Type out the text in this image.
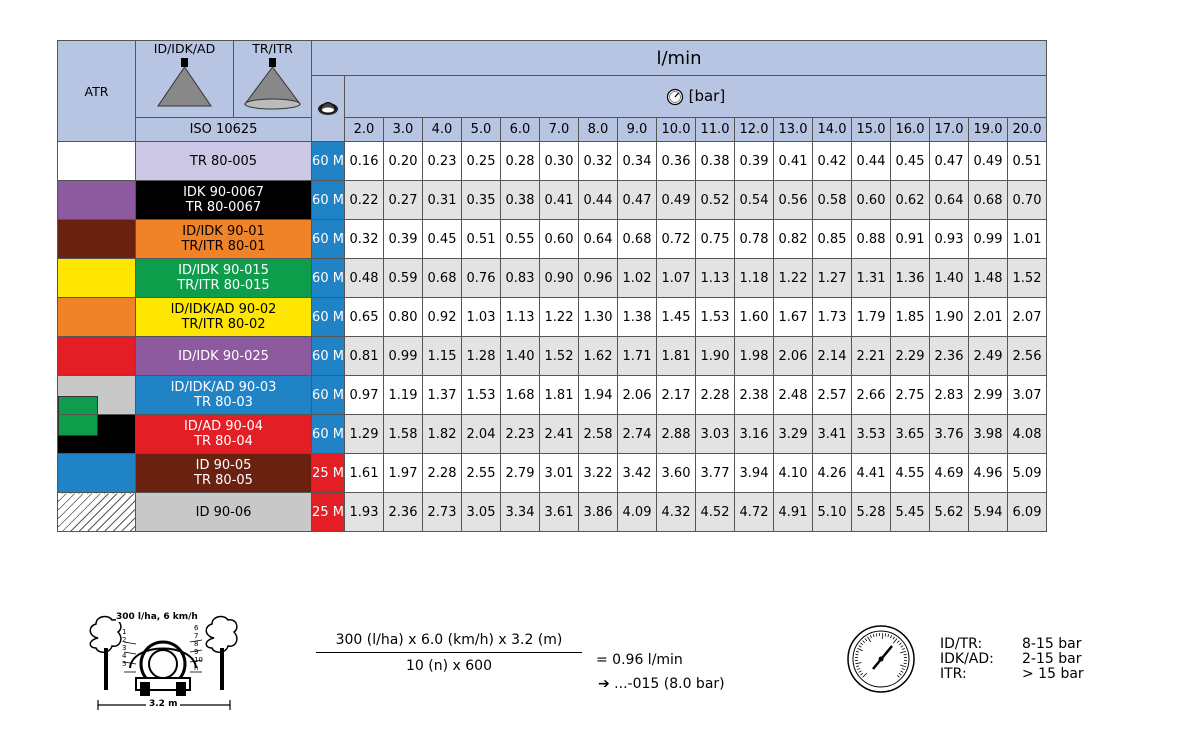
ATR	ID/IDK/AD	TR/ITR	l/min																		
	[bar]																	
	ISO 10625			2.0	3.0	4.0	5.0	6.0	7.0	8.0	9.0	10.0	11.0	12.0	13.0	14.0	15.0	16.0	17.0	19.0	20.0

	TR 80-005		60 M	0.16	0.20	0.23	0.25	0.28	0.30	0.32	0.34	0.36	0.38	0.39	0.41	0.42	0.44	0.45	0.47	0.49	0.51

	IDK 90-0067
TR 80-0067		60 M	0.22	0.27	0.31	0.35	0.38	0.41	0.44	0.47	0.49	0.52	0.54	0.56	0.58	0.60	0.62	0.64	0.68	0.70

	ID/IDK 90-01
TR/ITR 80-01		60 M	0.32	0.39	0.45	0.51	0.55	0.60	0.64	0.68	0.72	0.75	0.78	0.82	0.85	0.88	0.91	0.93	0.99	1.01

	ID/IDK 90-015
TR/ITR 80-015		60 M	0.48	0.59	0.68	0.76	0.83	0.90	0.96	1.02	1.07	1.13	1.18	1.22	1.27	1.31	1.36	1.40	1.48	1.52

	ID/IDK/AD 90-02
TR/ITR 80-02		60 M	0.65	0.80	0.92	1.03	1.13	1.22	1.30	1.38	1.45	1.53	1.60	1.67	1.73	1.79	1.85	1.90	2.01	2.07

	ID/IDK 90-025		60 M	0.81	0.99	1.15	1.28	1.40	1.52	1.62	1.71	1.81	1.90	1.98	2.06	2.14	2.21	2.29	2.36	2.49	2.56

	ID/IDK/AD 90-03
TR 80-03		60 M	0.97	1.19	1.37	1.53	1.68	1.81	1.94	2.06	2.17	2.28	2.38	2.48	2.57	2.66	2.75	2.83	2.99	3.07

	ID/AD 90-04
TR 80-04		60 M	1.29	1.58	1.82	2.04	2.23	2.41	2.58	2.74	2.88	3.03	3.16	3.29	3.41	3.53	3.65	3.76	3.98	4.08

	ID 90-05
TR 80-05		25 M	1.61	1.97	2.28	2.55	2.79	3.01	3.22	3.42	3.60	3.77	3.94	4.10	4.26	4.41	4.55	4.69	4.96	5.09

	ID 90-06		25 M	1.93	2.36	2.73	3.05	3.34	3.61	3.86	4.09	4.32	4.52	4.72	4.91	5.10	5.28	5.45	5.62	5.94	6.09
300 l/ha, 6 km/h
1
2
3
4
5
6
7
8
9
10
n
3.2 m
$\frac{300 (l/ha) x 6.0 (km/h) x 3.2 (m)}{10 (n) x 600} = 0.96$ l/min
➔ ...-015 (8.0 bar)
ID/TR:	8-15 bar
IDK/AD: 2-15 bar
ITR:	> 15 bar
